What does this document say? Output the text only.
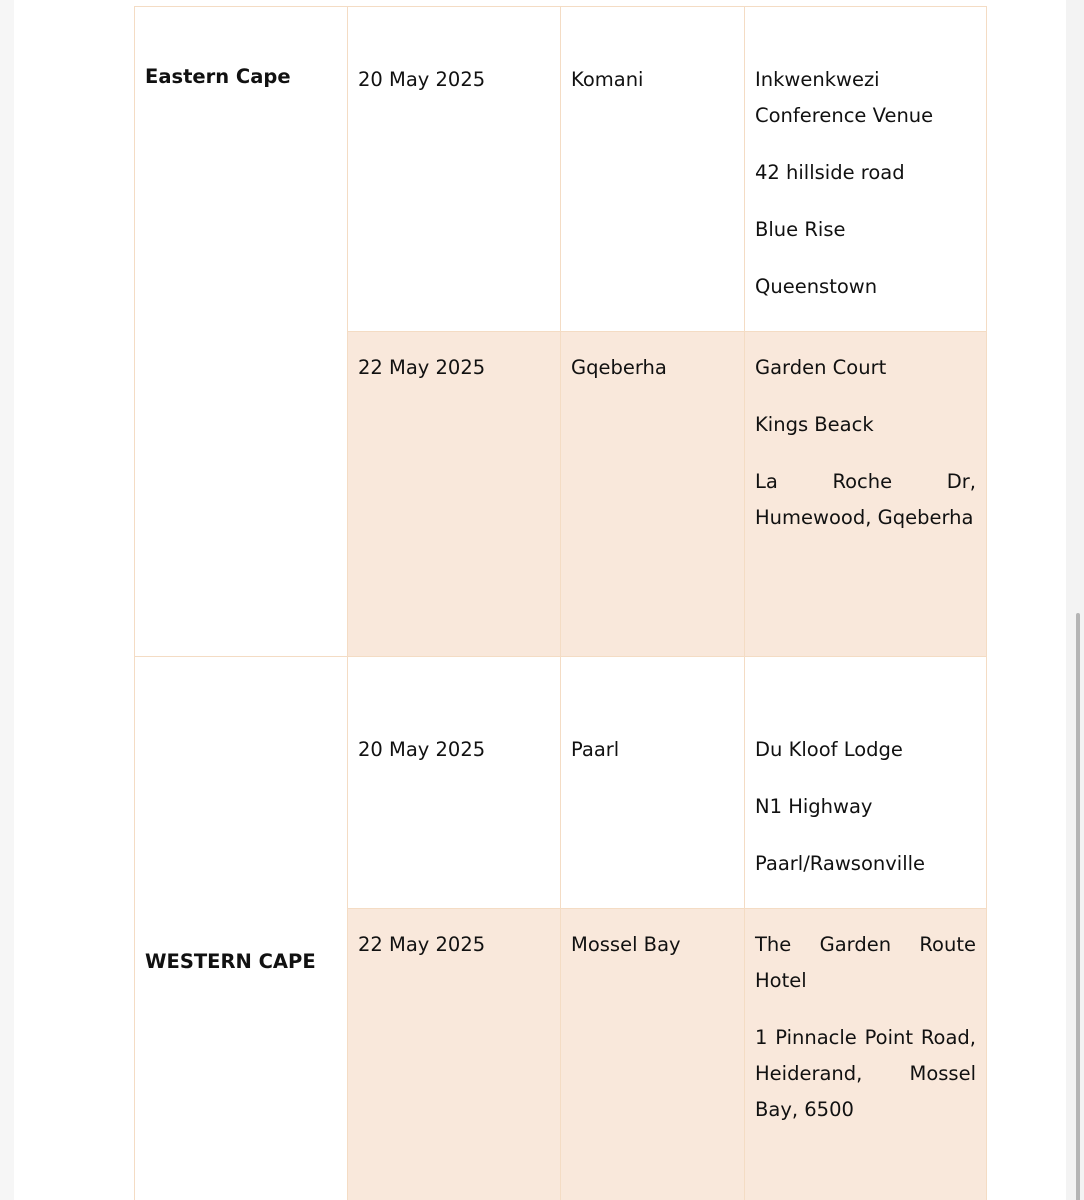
Eastern Cape	20 May 2025	Komani	Inkwenkwezi Conference Venue
42 hillside road
Blue Rise
Queenstown

	22 May 2025	Gqeberha	Garden Court
Kings Beack
La Roche Dr, Humewood, Gqeberha

WESTERN CAPE	20 May 2025	Paarl	Du Kloof Lodge
N1 Highway
Paarl/Rawsonville

	22 May 2025	Mossel Bay	The Garden Route Hotel
1 Pinnacle Point Road, Heiderand, Mossel Bay, 6500
